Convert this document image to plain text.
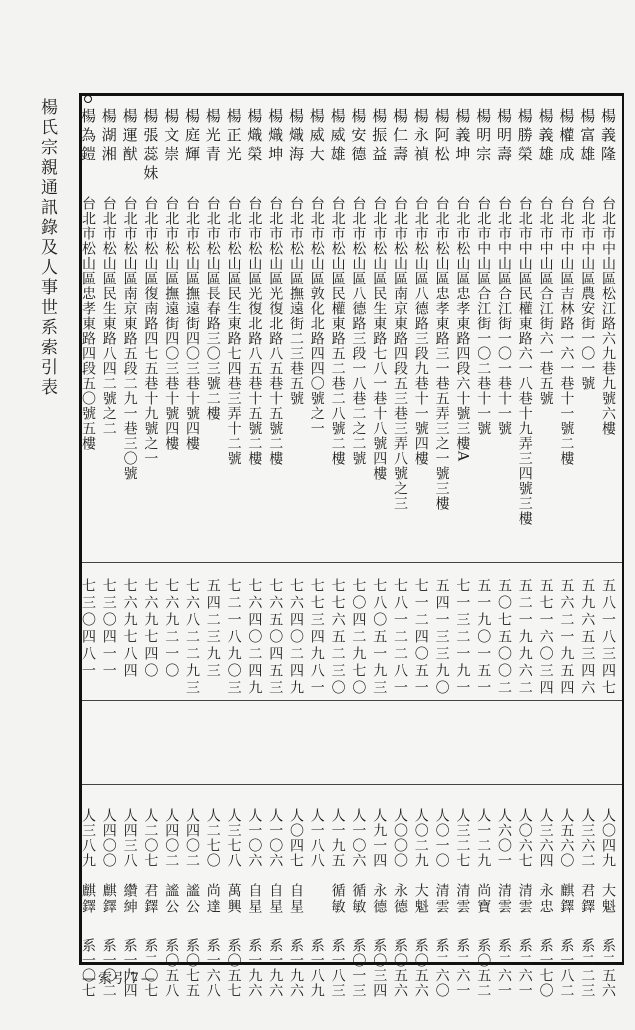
楊氏宗親通訊錄及人事世系索引表	楊義隆
台北市中山區松江路六九巷九號六樓
五八一八三四七
人〇四九
大魁
系二五六
楊富雄
台北市中山區農安街一〇一號
五九六五三四六
人三六二
君鐸
系二二三
楊權成
台北市中山區吉林路一六一巷十一號二樓
五六二一九五四
人五六〇
麒鐸
系一八二
楊義雄
台北市中山區合江街六一巷五號
五七一六〇三四
人三六四
永忠
系一七〇
楊勝榮
台北市中山區民權東路六一八巷十九弄三四號三樓
五二一九九六二
人〇六七
清雲
系二六一
楊明壽
台北市中山區合江街一〇一巷十一號
五〇七五〇〇二
人六〇一
清雲
系二六一
楊明宗
台北市中山區合江街一〇二巷十一號
五一九〇一五一
人一二九
尚寶
系〇五二
楊義坤
台北市松山區忠孝東路四段六十號三樓A
七一三二一九一
人三二七
清雲
系二六一
楊阿松
台北市松山區忠孝東路三一巷五弄三之一號三樓
五四一三三九〇
人〇一〇
清雲
系二六〇
楊永禎
台北市松山區八德路三段九巷十一號四樓
七一二四〇五一
人〇二九
大魁
系〇五六
楊仁壽
台北市松山區南京東路四段五三巷三弄八號之三
七八一二二八一
人〇〇〇
永德
系〇五六
楊振益
台北市松山區民生東路七八一巷十八號四樓
七八〇五一九三
人九一四
永德
系〇三四
楊安德
台北市松山區八德路三段一八巷二之二號
七〇四二九七〇
人一〇六
循敏
系〇一三
楊威雄
台北市松山區民權東路五二巷二八號二樓
七七六五二三〇
人一九五
循敏
系一八三
楊威大
台北市松山區敦化北路四四〇號之一
七七三四九八一
人一八八
系一八九
楊熾海
台北市松山區撫遠街二三巷五號
七六四〇二四九
人〇四七
自星
系一九六
楊熾坤
台北市松山區光復北路八五巷十五號二樓
七六五〇四五三
人一〇六
自星
系一九六
楊熾榮
台北市松山區光復北路八五巷十五號二樓
七六四〇二四九
人一〇六
自星
系一九六
楊正光
台北市松山區民生東路七四巷三弄十二號
七二一八九〇三
人三七八
萬興
系〇五七
楊光青
台北市松山區長春路三〇三號二樓
五四二三九三
人二七〇
尚達
系一六八
楊庭輝
台北市松山區撫遠街四〇三巷十號四樓
七六八二二九三
人四〇二
謐公
系〇七五
楊文崇
台北市松山區撫遠街四〇三巷十號四樓
七六九二一〇
人四〇二
謐公
系〇五八
楊張蕊妹
台北市松山區復南路四七五巷十九號之一
七六九七四〇
人二〇七
君鐸
系二〇七
楊運猷
台北市松山區南京東路五段二九一巷三〇號
七六九七八四
人四三八
纘紳
系一九四
楊湖湘
台北市松山區民生東路八四二號之二
七三〇四一一
人四〇〇
麒鐸
系一〇二
楊為鎧
台北市松山區忠孝東路四段五〇號五樓
七三〇四八一
人三八九
麒鐸
系一〇七
—索引7—
